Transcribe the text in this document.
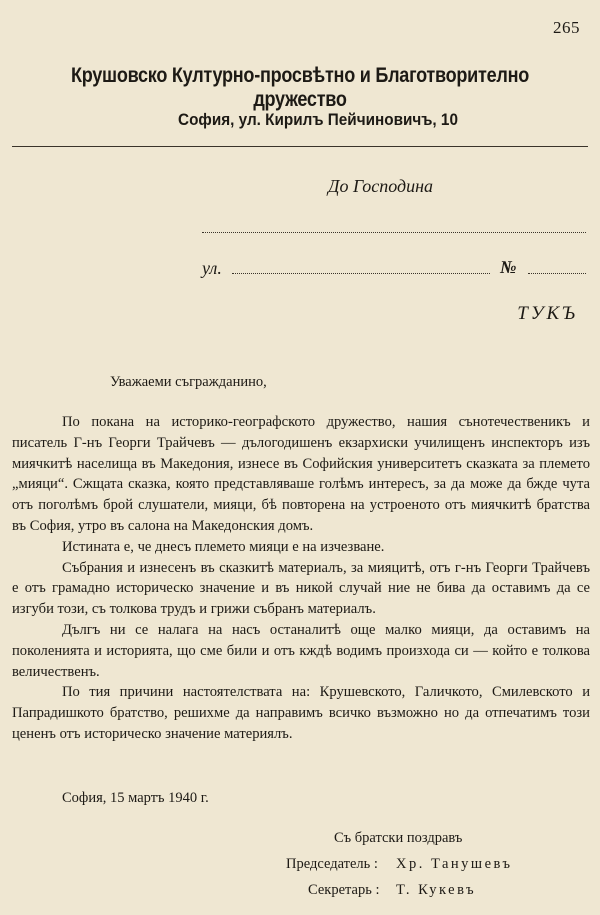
265
Крушовско Културно-просвѣтно и Благотворително дружество
София, ул. Кирилъ Пейчиновичъ, 10
До Господина
ул.	№
ТУКЪ
Уважаеми съгражданино,

По покана на историко-географското дружество, нашия сънотечественикъ и писатель Г-нъ Георги Трайчевъ — дълогодишенъ екзархиски училищенъ инспекторъ изъ миячкитѣ населища въ Македония, изнесе въ Софийския университетъ сказката за племето „мияци“. Сжщата сказка, която представляваше голѣмъ интересъ, за да може да бжде чута отъ поголѣмъ брой слушатели, мияци, бѣ повторена на устроеното отъ миячкитѣ братства въ София, утро въ салона на Македонския домъ.

Истината е, че днесъ племето мияци е на изчезване.

Събрания и изнесенъ въ сказкитѣ материалъ, за мияцитѣ, отъ г-нъ Георги Трайчевъ е отъ грамадно историческо значение и въ никой случай ние не бива да оставимъ да се изгуби този, съ толкова трудъ и грижи събранъ материалъ.

Дългъ ни се налага на насъ останалитѣ още малко мияци, да оставимъ на поколенията и историята, що сме били и отъ кждѣ водимъ произхода си — който е толкова величественъ.

По тия причини настоятелствата на: Крушевското, Галичкото, Смилевското и Папрадишкото братство, решихме да направимъ всичко възможно но да отпечатимъ този цененъ отъ историческо значение материялъ.

София, 15 мартъ 1940 г.
Съ братски поздравъ
Председатель : Хр. Танушевъ
Секретарь : Т. Кукевъ
